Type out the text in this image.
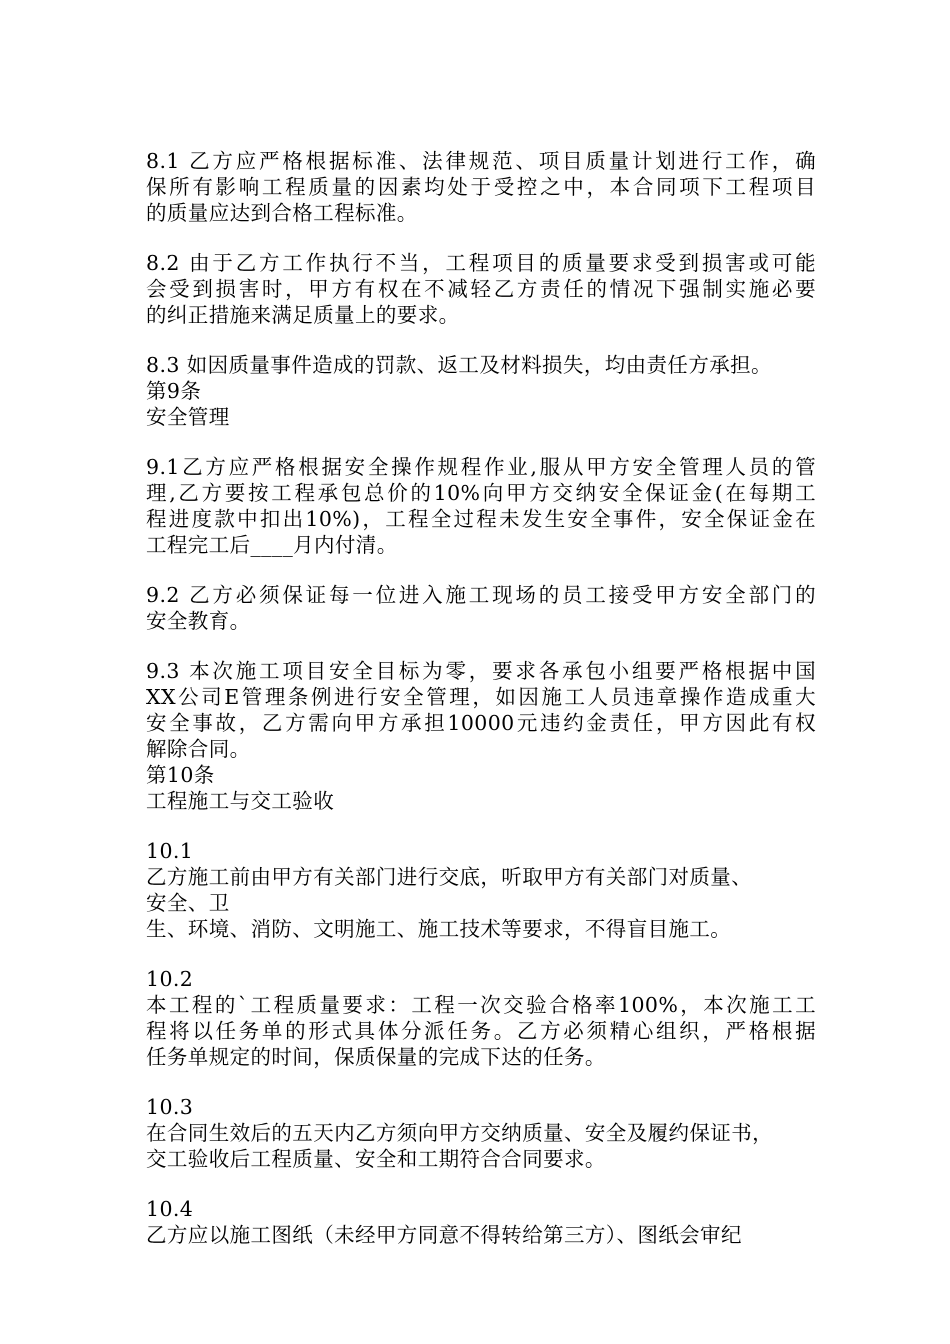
8.1 乙方应严格根据标准、法律规范、项目质量计划进行工作，确
保所有影响工程质量的因素均处于受控之中，本合同项下工程项目
的质量应达到合格工程标准。
8.2 由于乙方工作执行不当，工程项目的质量要求受到损害或可能
会受到损害时，甲方有权在不减轻乙方责任的情况下强制实施必要
的纠正措施来满足质量上的要求。
8.3 如因质量事件造成的罚款、返工及材料损失，均由责任方承担。
第9条
安全管理
9.1乙方应严格根据安全操作规程作业,服从甲方安全管理人员的管
理,乙方要按工程承包总价的10%向甲方交纳安全保证金(在每期工
程进度款中扣出10%)，工程全过程未发生安全事件，安全保证金在
工程完工后____月内付清。
9.2 乙方必须保证每一位进入施工现场的员工接受甲方安全部门的
安全教育。
9.3 本次施工项目安全目标为零，要求各承包小组要严格根据中国
XX公司E管理条例进行安全管理，如因施工人员违章操作造成重大
安全事故，乙方需向甲方承担10000元违约金责任，甲方因此有权
解除合同。
第10条
工程施工与交工验收
10.1
乙方施工前由甲方有关部门进行交底，听取甲方有关部门对质量、
安全、卫
生、环境、消防、文明施工、施工技术等要求，不得盲目施工。
10.2
本工程的`工程质量要求：工程一次交验合格率100%，本次施工工
程将以任务单的形式具体分派任务。乙方必须精心组织，严格根据
任务单规定的时间，保质保量的完成下达的任务。
10.3
在合同生效后的五天内乙方须向甲方交纳质量、安全及履约保证书，
交工验收后工程质量、安全和工期符合合同要求。
10.4
乙方应以施工图纸（未经甲方同意不得转给第三方）、图纸会审纪
